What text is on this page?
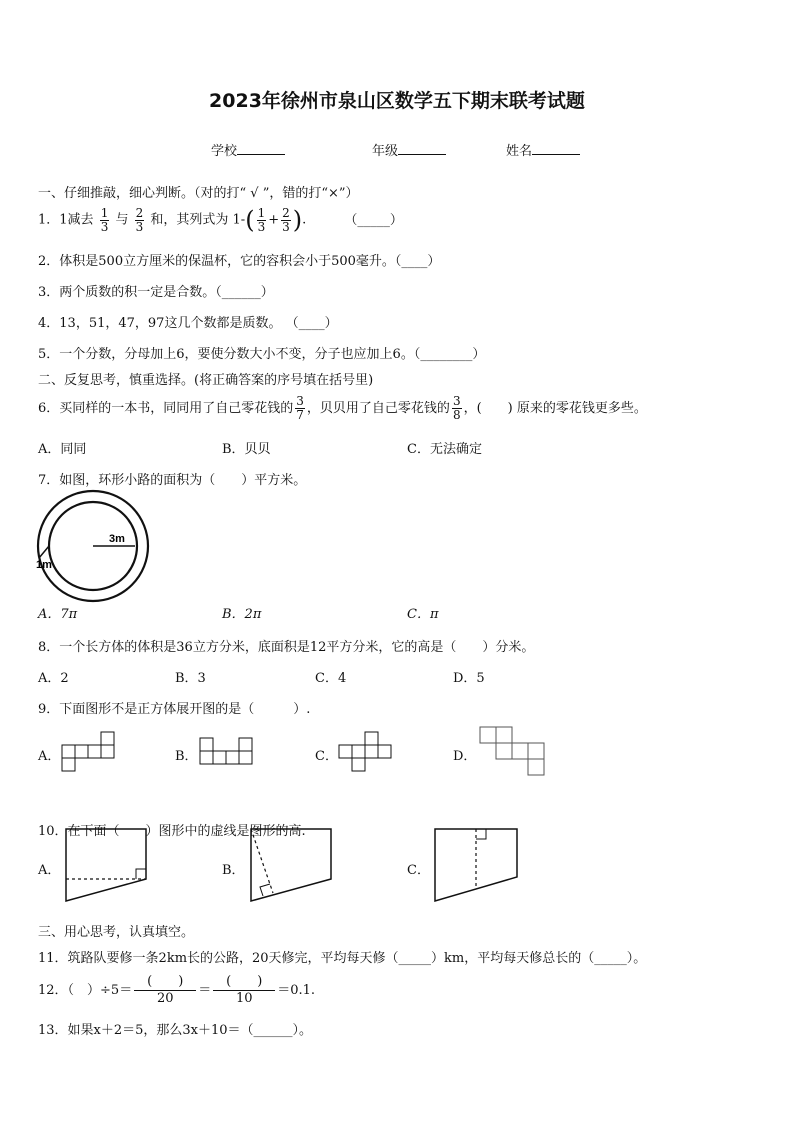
2023年徐州市泉山区数学五下期末联考试题
学校	年级	姓名
一、仔细推敲，细心判断。（对的打“ √ ”，错的打“×”）
1．1减去 $\frac{1}{3}$ 与 $\frac{2}{3}$ 和，其列式为 $1-( \frac{1}{3} + \frac{2}{3}$ ).	（_____）
2．体积是500立方厘米的保温杯，它的容积会小于500毫升。（____）
3．两个质数的积一定是合数。（______）
4．13，51，47，97这几个数都是质数。 （____）
5．一个分数，分母加上6，要使分数大小不变，分子也应加上6。（________）
二、反复思考，慎重选择。(将正确答案的序号填在括号里)
6．买同样的一本书，同同用了自己零花钱的 $\frac{3}{7}$ ，贝贝用了自己零花钱的 $\frac{3}{8}$ ，(　　) 原来的零花钱更多些。
A．同同	B．贝贝	C．无法确定
7．如图，环形小路的面积为（　　）平方米。
3m
1m
A．7π	B．2π	C．π
8．一个长方体的体积是36立方分米，底面积是12平方分米，它的高是（　　）分米。
A．2	B．3	C．4	D．5
9．下面图形不是正方体展开图的是（　　　）.
A．	B．	C．	D．
10．在下面（　　）图形中的虚线是图形的高.
A．	B．	C．
三、用心思考，认真填空。
11．筑路队要修一条2km长的公路，20天修完，平均每天修（_____）km，平均每天修总长的（_____）。
12．（　）$\div 5= \frac{( )}{20} = \frac{( )}{10} =0.1$.
13．如果x＋2＝5，那么3x＋10＝（______）。
